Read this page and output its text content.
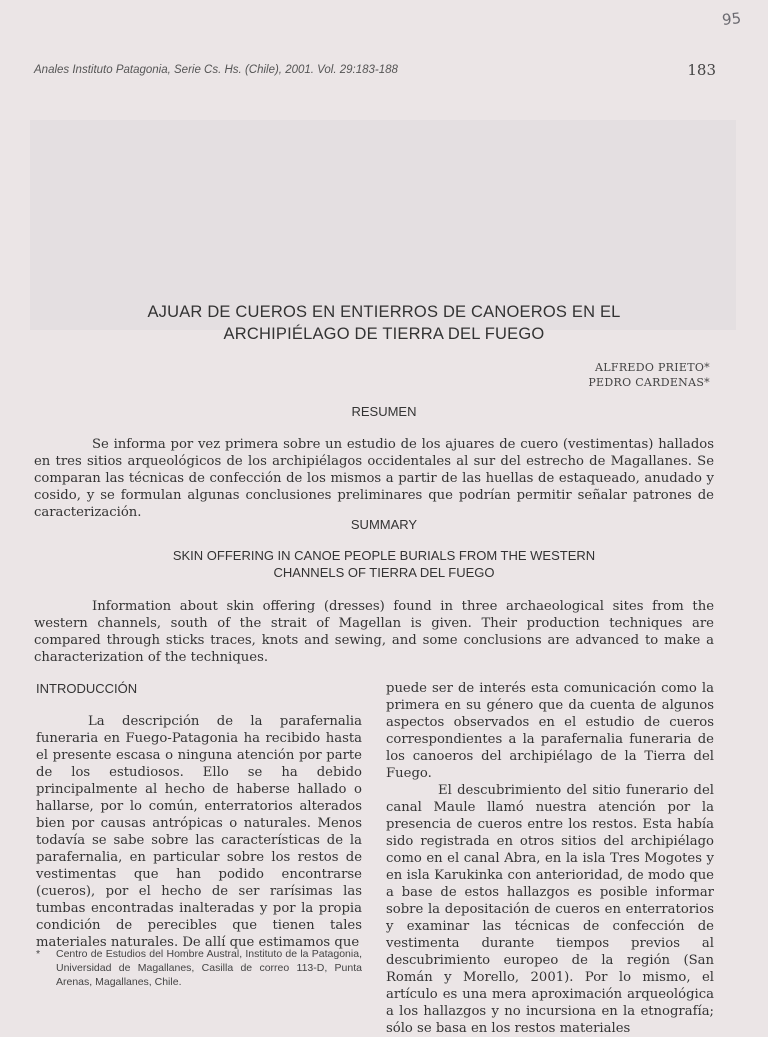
95
Anales Instituto Patagonia, Serie Cs. Hs. (Chile), 2001. Vol. 29:183-188	183
AJUAR DE CUEROS EN ENTIERROS DE CANOEROS EN EL
ARCHIPIÉLAGO DE TIERRA DEL FUEGO
ALFREDO PRIETO*
PEDRO CARDENAS*
RESUMEN
Se informa por vez primera sobre un estudio de los ajuares de cuero (vestimentas) hallados en tres sitios arqueológicos de los archipiélagos occidentales al sur del estrecho de Magallanes. Se comparan las técnicas de confección de los mismos a partir de las huellas de estaqueado, anudado y cosido, y se formulan algunas conclusiones preliminares que podrían permitir señalar patrones de caracterización.
SUMMARY
SKIN OFFERING IN CANOE PEOPLE BURIALS FROM THE WESTERN
CHANNELS OF TIERRA DEL FUEGO
Information about skin offering (dresses) found in three archaeological sites from the western channels, south of the strait of Magellan is given. Their production techniques are compared through sticks traces, knots and sewing, and some conclusions are advanced to make a characterization of the techniques.
INTRODUCCIÓN

La descripción de la parafernalia funeraria en Fuego-Patagonia ha recibido hasta el presente escasa o ninguna atención por parte de los estudiosos. Ello se ha debido principalmente al hecho de haberse hallado o hallarse, por lo común, enterratorios alterados bien por causas antrópicas o naturales. Menos todavía se sabe sobre las características de la parafernalia, en particular sobre los restos de vestimentas que han podido encontrarse (cueros), por el hecho de ser rarísimas las tumbas encontradas inalteradas y por la propia condición de perecibles que tienen tales materiales naturales. De allí que estimamos que

puede ser de interés esta comunicación como la primera en su género que da cuenta de algunos aspectos observados en el estudio de cueros correspondientes a la parafernalia funeraria de los canoeros del archipiélago de la Tierra del Fuego.

El descubrimiento del sitio funerario del canal Maule llamó nuestra atención por la presencia de cueros entre los restos. Esta había sido registrada en otros sitios del archipiélago como en el canal Abra, en la isla Tres Mogotes y en isla Karukinka con anterioridad, de modo que a base de estos hallazgos es posible informar sobre la depositación de cueros en enterratorios y examinar las técnicas de confección de vestimenta durante tiempos previos al descubrimiento europeo de la región (San Román y Morello, 2001). Por lo mismo, el artículo es una mera aproximación arqueológica a los hallazgos y no incursiona en la etnografía; sólo se basa en los restos materiales

* Centro de Estudios del Hombre Austral, Instituto de la Patagonia, Universidad de Magallanes, Casilla de correo 113-D, Punta Arenas, Magallanes, Chile.
